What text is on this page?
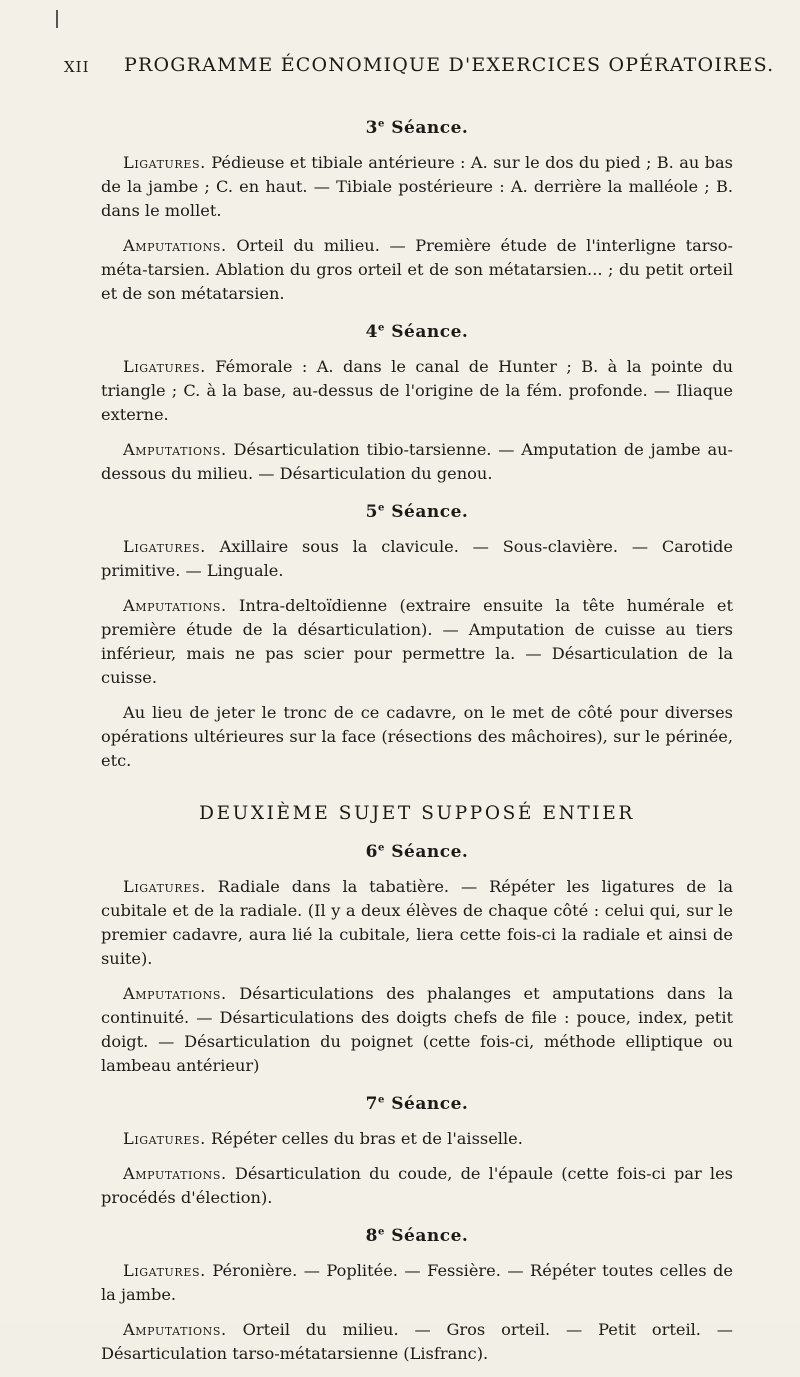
XII PROGRAMME ÉCONOMIQUE D'EXERCICES OPÉRATOIRES.
3e Séance.

Ligatures. Pédieuse et tibiale antérieure : A. sur le dos du pied ; B. au bas de la jambe ; C. en haut. — Tibiale postérieure : A. derrière la malléole ; B. dans le mollet.

Amputations. Orteil du milieu. — Première étude de l'interligne tarso-méta-tarsien. Ablation du gros orteil et de son métatarsien... ; du petit orteil et de son métatarsien.

4e Séance.

Ligatures. Fémorale : A. dans le canal de Hunter ; B. à la pointe du triangle ; C. à la base, au-dessus de l'origine de la fém. profonde. — Iliaque externe.

Amputations. Désarticulation tibio-tarsienne. — Amputation de jambe au-dessous du milieu. — Désarticulation du genou.

5e Séance.

Ligatures. Axillaire sous la clavicule. — Sous-clavière. — Carotide primitive. — Linguale.

Amputations. Intra-deltoïdienne (extraire ensuite la tête humérale et première étude de la désarticulation). — Amputation de cuisse au tiers inférieur, mais ne pas scier pour permettre la. — Désarticulation de la cuisse.

Au lieu de jeter le tronc de ce cadavre, on le met de côté pour diverses opérations ultérieures sur la face (résections des mâchoires), sur le périnée, etc.

DEUXIÈME SUJET SUPPOSÉ ENTIER
6e Séance.

Ligatures. Radiale dans la tabatière. — Répéter les ligatures de la cubitale et de la radiale. (Il y a deux élèves de chaque côté : celui qui, sur le premier cadavre, aura lié la cubitale, liera cette fois-ci la radiale et ainsi de suite).

Amputations. Désarticulations des phalanges et amputations dans la continuité. — Désarticulations des doigts chefs de file : pouce, index, petit doigt. — Désarticulation du poignet (cette fois-ci, méthode elliptique ou lambeau antérieur)

7e Séance.

Ligatures. Répéter celles du bras et de l'aisselle.

Amputations. Désarticulation du coude, de l'épaule (cette fois-ci par les procédés d'élection).

8e Séance.

Ligatures. Péronière. — Poplitée. — Fessière. — Répéter toutes celles de la jambe.

Amputations. Orteil du milieu. — Gros orteil. — Petit orteil. — Désarticulation tarso-métatarsienne (Lisfranc).
